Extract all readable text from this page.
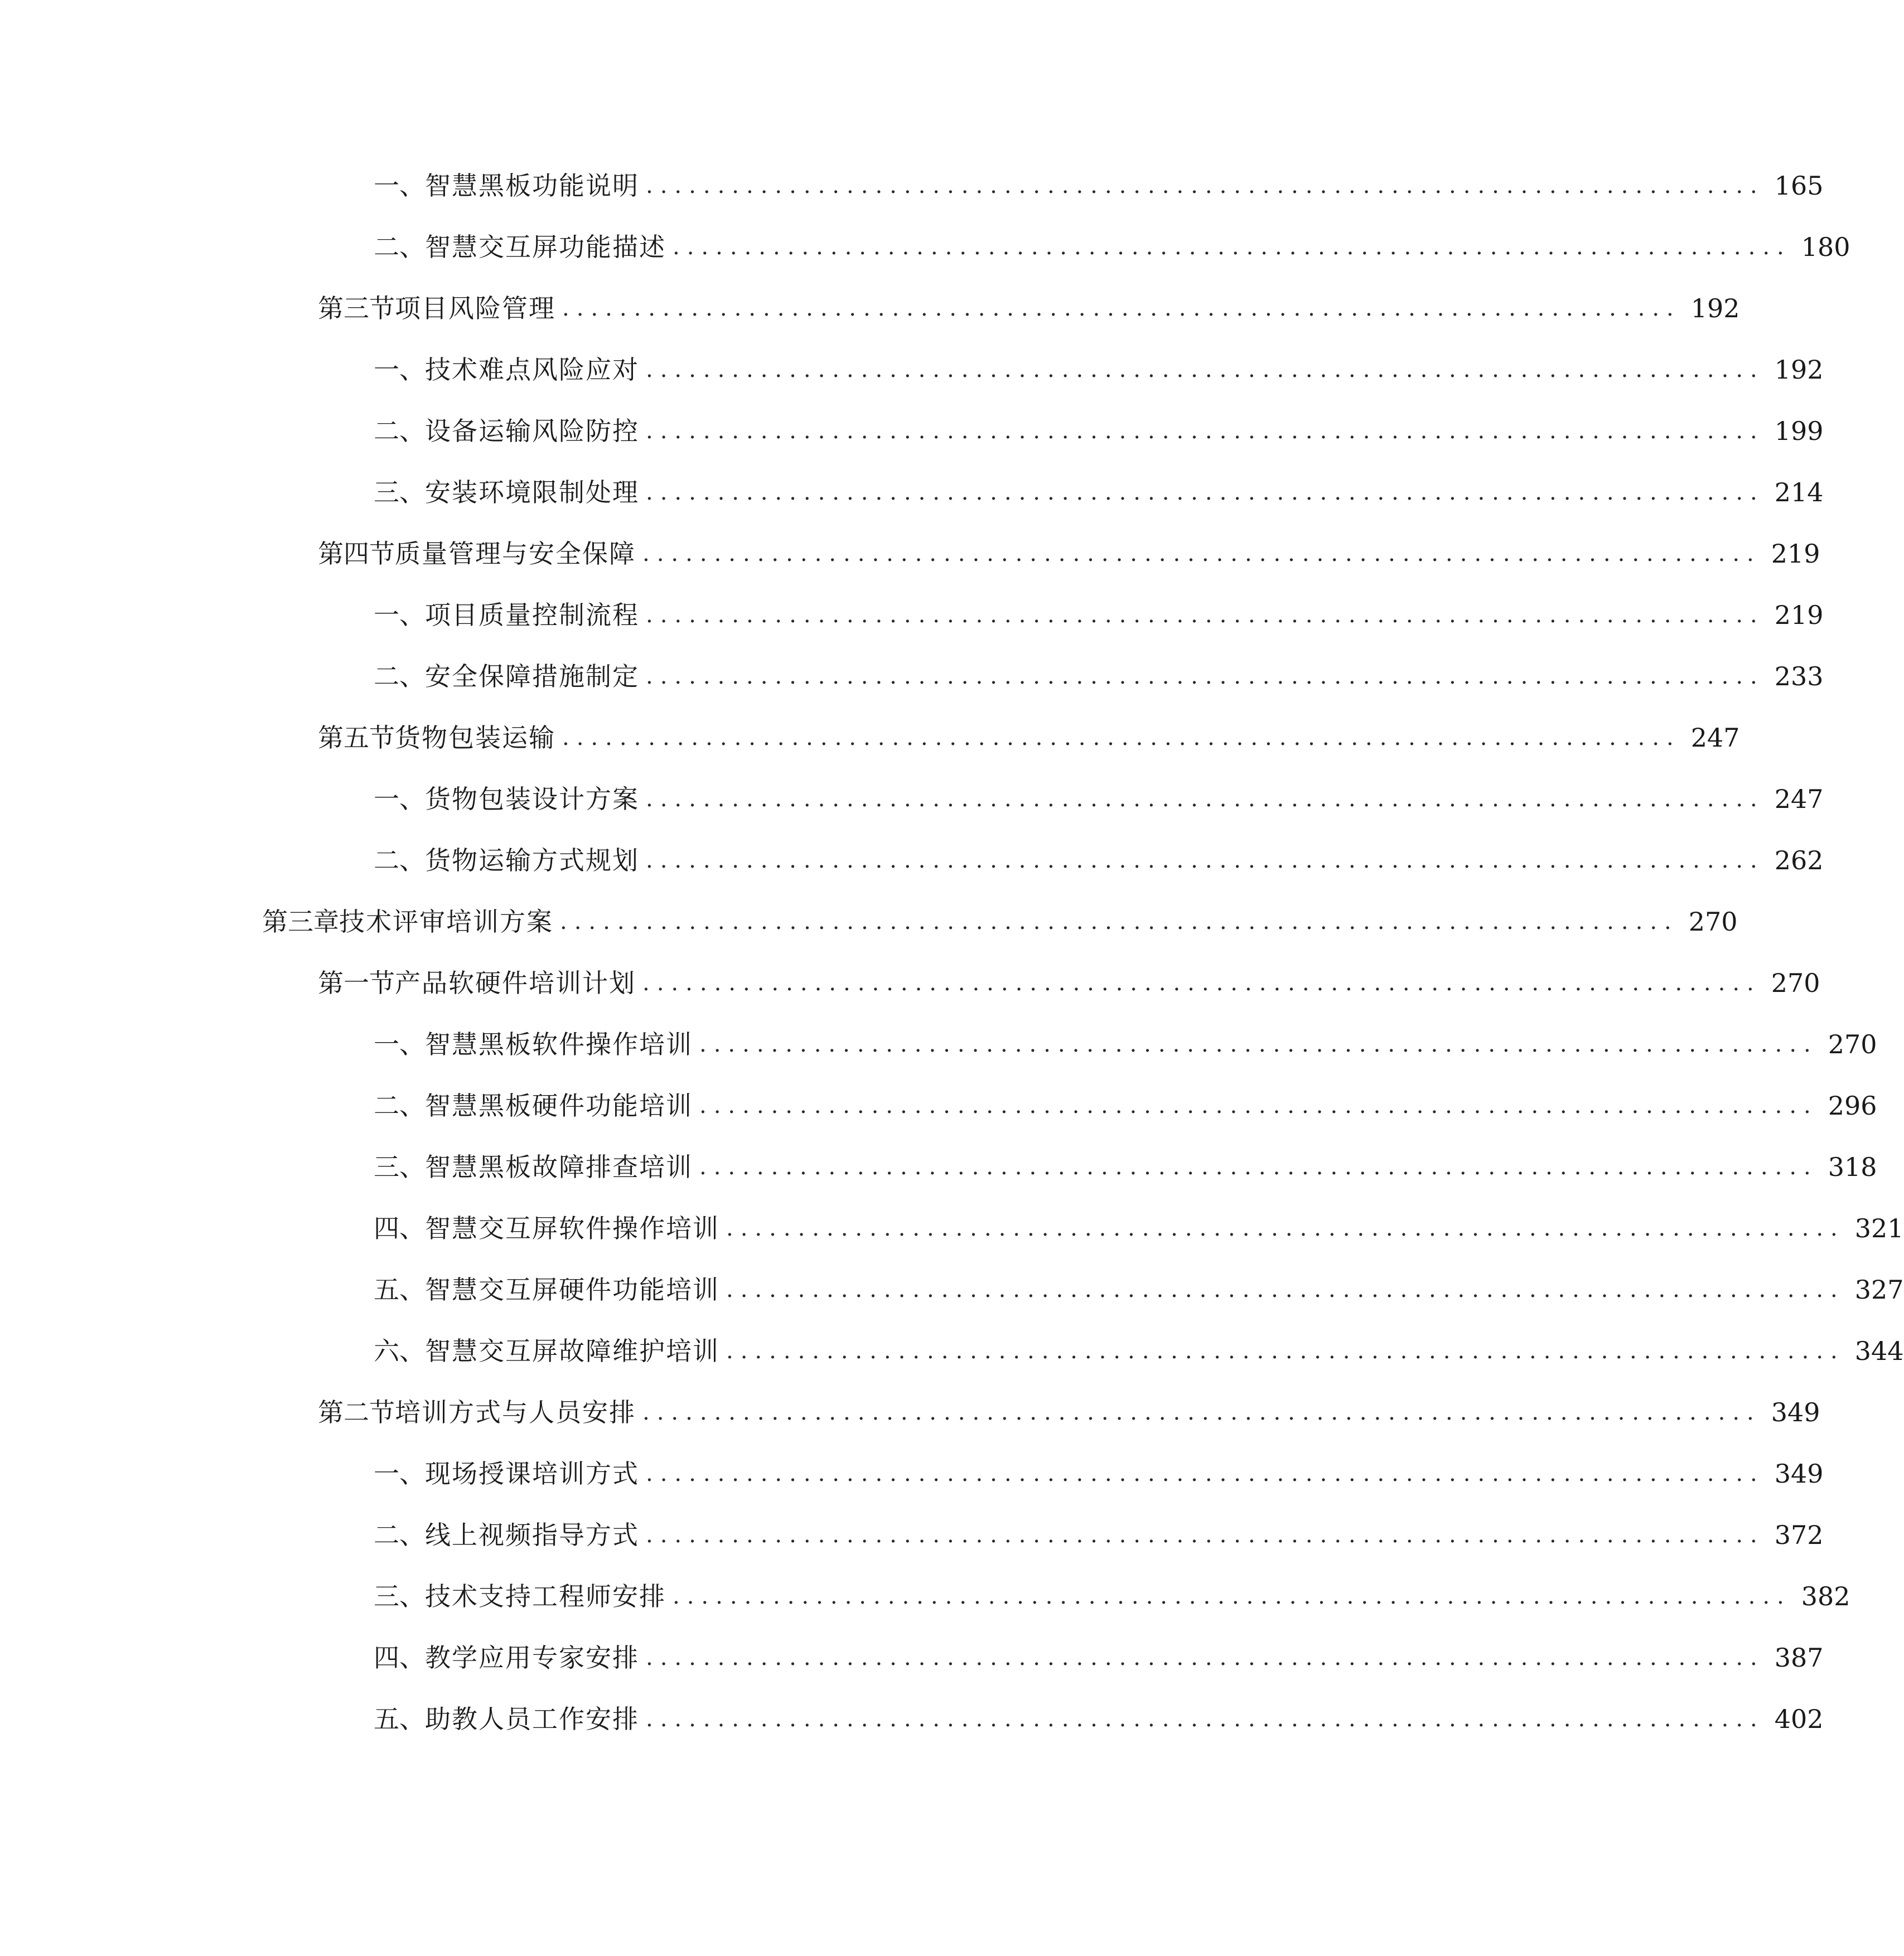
一、 智慧黑板功能说明 .............................................................................. 165
二、 智慧交互屏功能描述 .............................................................................. 180
第三节 项目风险管理 .............................................................................. 192
一、 技术难点风险应对 .............................................................................. 192
二、 设备运输风险防控 .............................................................................. 199
三、 安装环境限制处理 .............................................................................. 214
第四节 质量管理与安全保障 .............................................................................. 219
一、 项目质量控制流程 .............................................................................. 219
二、 安全保障措施制定 .............................................................................. 233
第五节 货物包装运输 .............................................................................. 247
一、 货物包装设计方案 .............................................................................. 247
二、 货物运输方式规划 .............................................................................. 262
第三章 技术评审培训方案 .............................................................................. 270
第一节 产品软硬件培训计划 .............................................................................. 270
一、 智慧黑板软件操作培训 .............................................................................. 270
二、 智慧黑板硬件功能培训 .............................................................................. 296
三、 智慧黑板故障排查培训 .............................................................................. 318
四、 智慧交互屏软件操作培训 .............................................................................. 321
五、 智慧交互屏硬件功能培训 .............................................................................. 327
六、 智慧交互屏故障维护培训 .............................................................................. 344
第二节 培训方式与人员安排 .............................................................................. 349
一、 现场授课培训方式 .............................................................................. 349
二、 线上视频指导方式 .............................................................................. 372
三、 技术支持工程师安排 .............................................................................. 382
四、 教学应用专家安排 .............................................................................. 387
五、 助教人员工作安排 .............................................................................. 402
